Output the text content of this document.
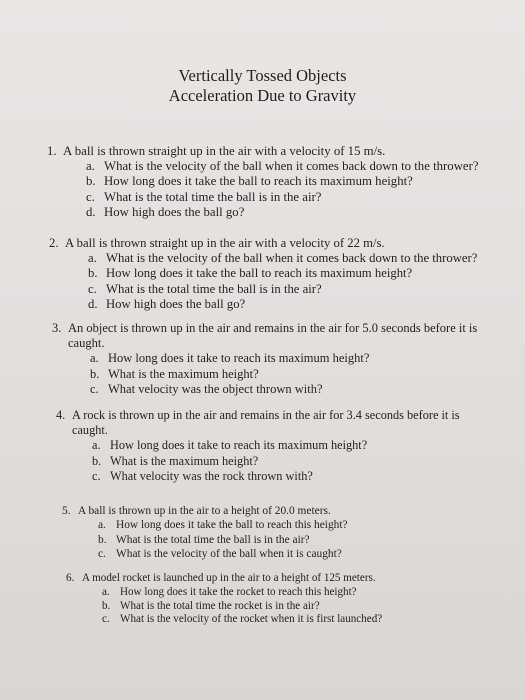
Vertically Tossed Objects
Acceleration Due to Gravity
1. A ball is thrown straight up in the air with a velocity of 15 m/s.
a. What is the velocity of the ball when it comes back down to the thrower?
b. How long does it take the ball to reach its maximum height?
c. What is the total time the ball is in the air?
d. How high does the ball go?
2. A ball is thrown straight up in the air with a velocity of 22 m/s.
a. What is the velocity of the ball when it comes back down to the thrower?
b. How long does it take the ball to reach its maximum height?
c. What is the total time the ball is in the air?
d. How high does the ball go?
3. An object is thrown up in the air and remains in the air for 5.0 seconds before it is
caught.
a. How long does it take to reach its maximum height?
b. What is the maximum height?
c. What velocity was the object thrown with?
4. A rock is thrown up in the air and remains in the air for 3.4 seconds before it is
caught.
a. How long does it take to reach its maximum height?
b. What is the maximum height?
c. What velocity was the rock thrown with?
5. A ball is thrown up in the air to a height of 20.0 meters.
a. How long does it take the ball to reach this height?
b. What is the total time the ball is in the air?
c. What is the velocity of the ball when it is caught?
6. A model rocket is launched up in the air to a height of 125 meters.
a. How long does it take the rocket to reach this height?
b. What is the total time the rocket is in the air?
c. What is the velocity of the rocket when it is first launched?
